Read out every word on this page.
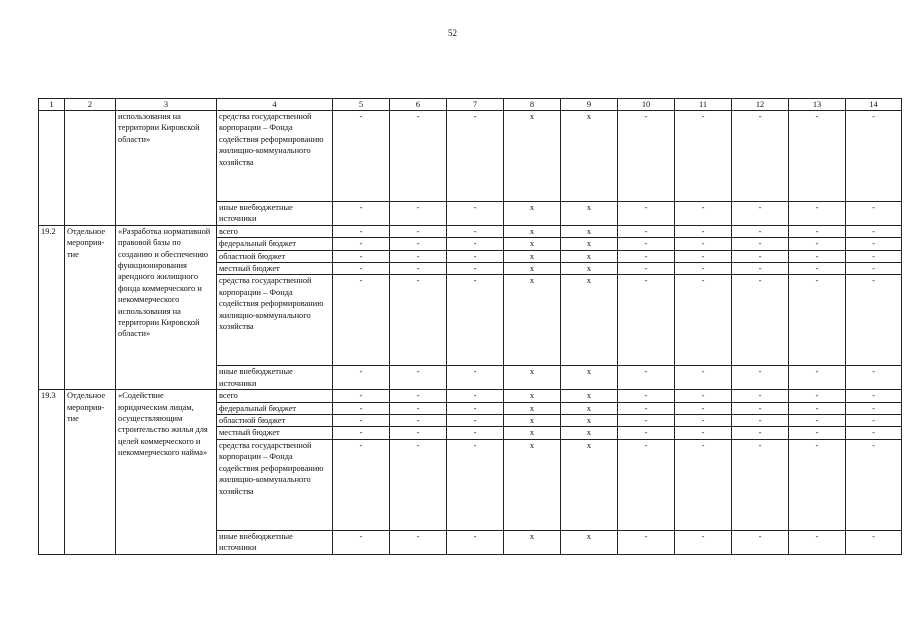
52
1	2	3	4	5	6	7	8	9	10	11	12	13	14
		использования на территории Кировской области»	средства государственной корпорации – Фонда содействия реформированию жилищно-коммунального хозяйства	-	-	-	x	x	-	-	-	-	-
			иные внебюджетные источники	-	-	-	x	x	-	-	-	-	-
19.2	Отдельное мероприя-тие	«Разработка нормативной правовой базы по созданию и обеспечению функционирования арендного жилищного фонда коммерческого и некоммерческого использования на территории Кировской области»	всего	-	-	-	x	x	-	-	-	-	-
			федеральный бюджет	-	-	-	x	x	-	-	-	-	-
			областной бюджет	-	-	-	x	x	-	-	-	-	-
			местный бюджет	-	-	-	x	x	-	-	-	-	-
			средства государственной корпорации – Фонда содействия реформированию жилищно-коммунального хозяйства	-	-	-	x	x	-	-	-	-	-
			иные внебюджетные источники	-	-	-	x	x	-	-	-	-	-
19.3	Отдельное мероприя-тие	«Содействие юридическим лицам, осуществляющим строительство жилья для целей коммерческого и некоммерческого найма»	всего	-	-	-	x	x	-	-	-	-	-
			федеральный бюджет	-	-	-	x	x	-	-	-	-	-
			областной бюджет	-	-	-	x	x	-	-	-	-	-
			местный бюджет	-	-	-	x	x	-	-	-	-	-
			средства государственной корпорации – Фонда содействия реформированию жилищно-коммунального хозяйства	-	-	-	x	x	-	-	-	-	-
			иные внебюджетные источники	-	-	-	x	x	-	-	-	-	-
